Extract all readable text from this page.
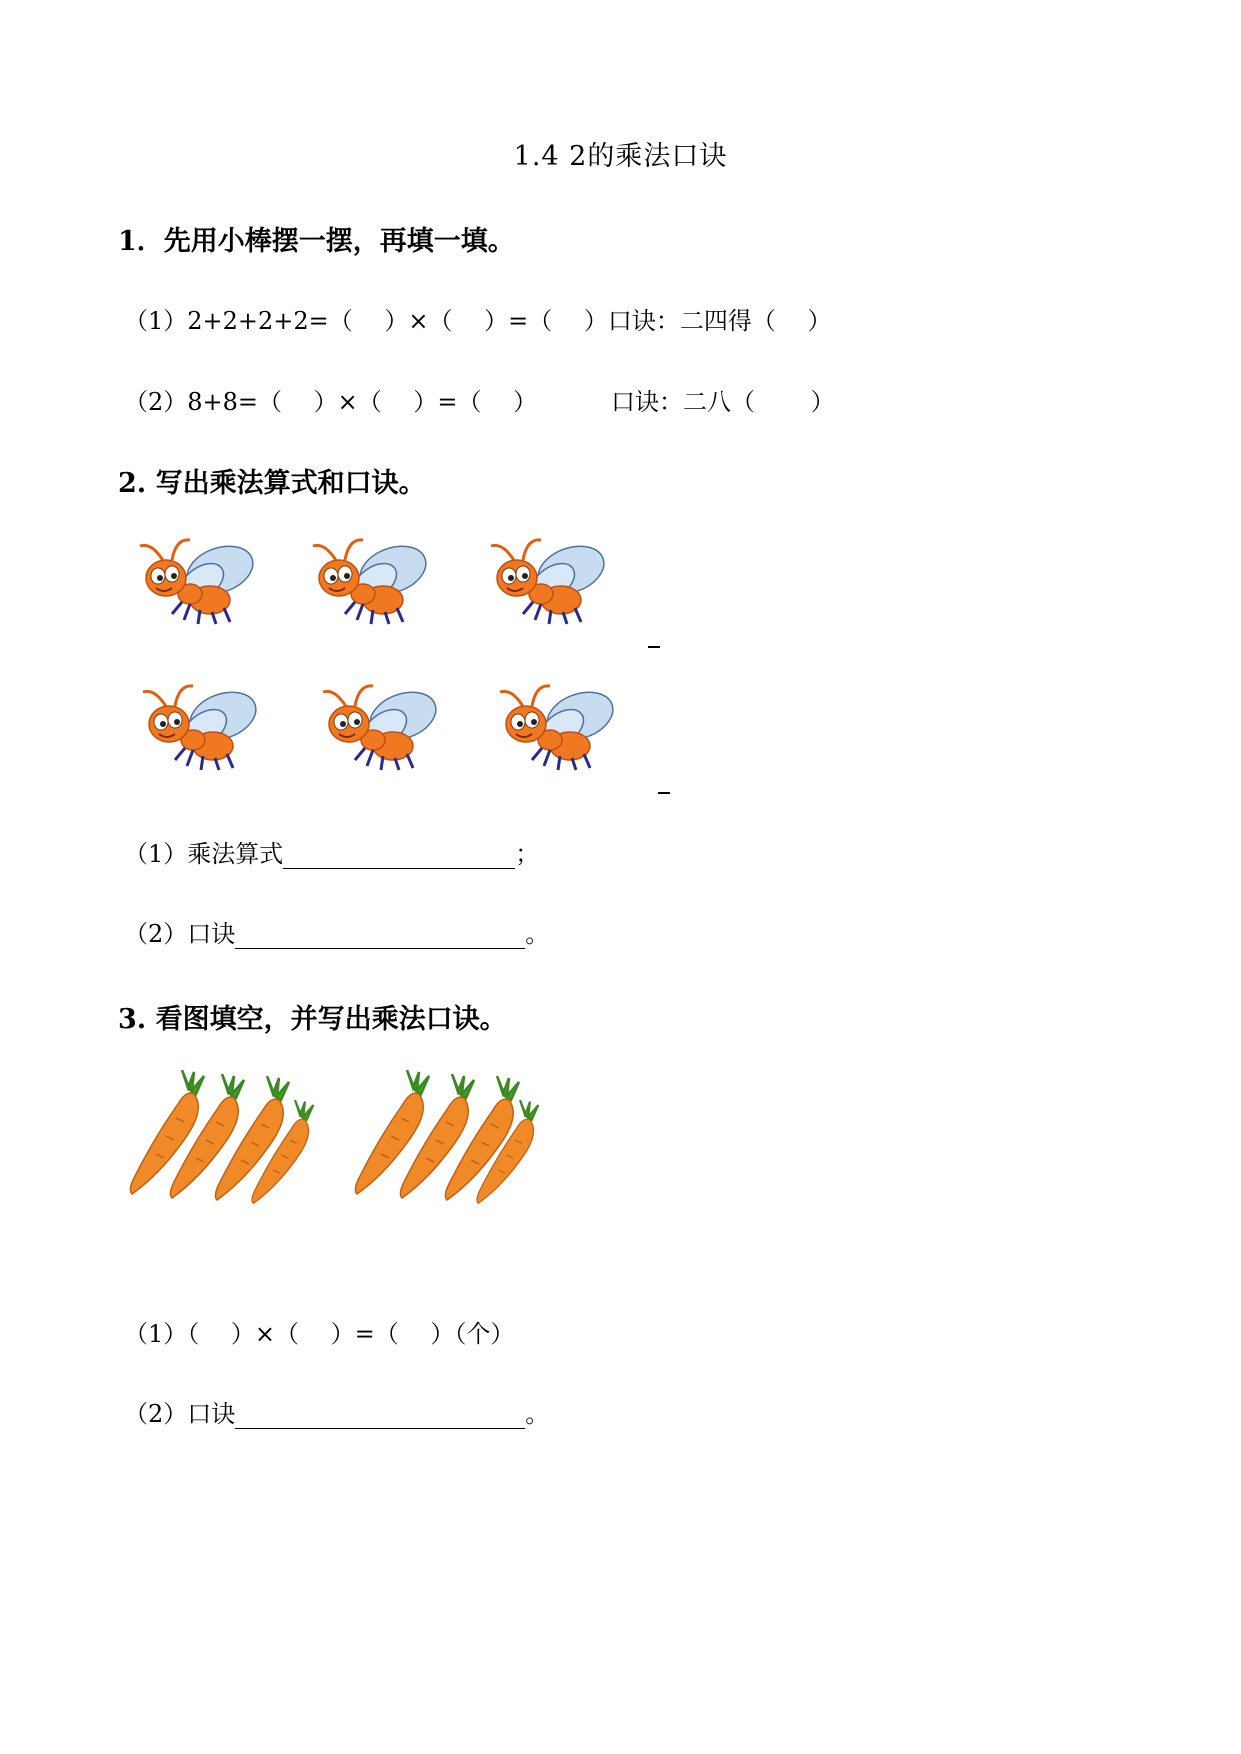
1.4 2的乘法口诀
1．先用小棒摆一摆，再填一填。
（1）2+2+2+2=（　 ）×（　 ）=（　 ）口诀：二四得（　 ）
（2）8+8=（　 ）×（　 ）=（　 ）	口诀：二八（　　 ）
2. 写出乘法算式和口诀。
（1）乘法算式	；
（2）口诀	。
3. 看图填空，并写出乘法口诀。
（1）（　 ）×（　 ）=（　 ）（个）
（2）口诀	。
